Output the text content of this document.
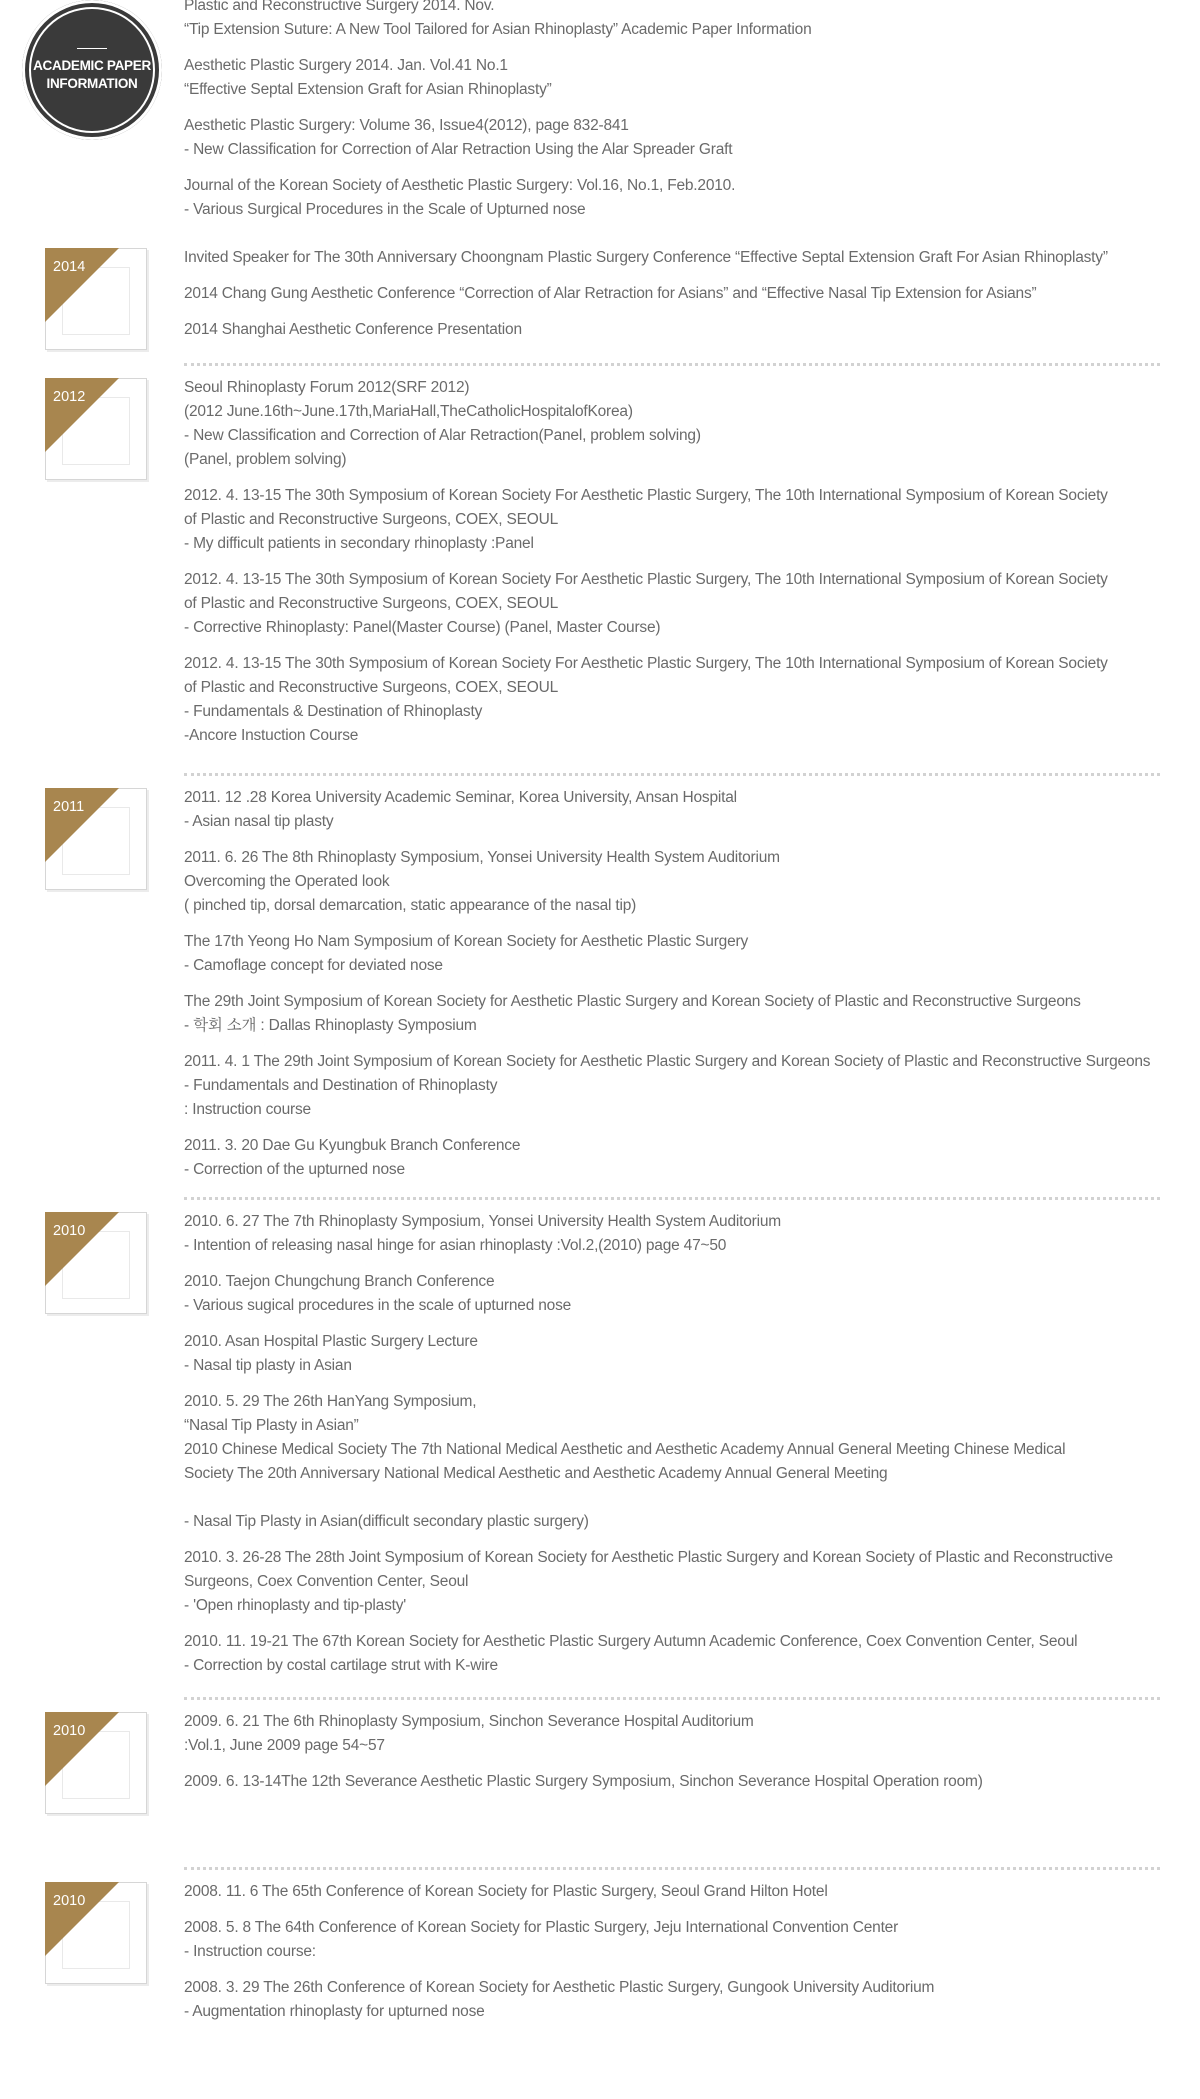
ACADEMIC PAPER
INFORMATION
Plastic and Reconstructive Surgery 2014. Nov.
“Tip Extension Suture: A New Tool Tailored for Asian Rhinoplasty” Academic Paper Information
Aesthetic Plastic Surgery 2014. Jan. Vol.41 No.1
“Effective Septal Extension Graft for Asian Rhinoplasty”
Aesthetic Plastic Surgery: Volume 36, Issue4(2012), page 832-841
- New Classification for Correction of Alar Retraction Using the Alar Spreader Graft
Journal of the Korean Society of Aesthetic Plastic Surgery: Vol.16, No.1, Feb.2010.
- Various Surgical Procedures in the Scale of Upturned nose
2014
Invited Speaker for The 30th Anniversary Choongnam Plastic Surgery Conference “Effective Septal Extension Graft For Asian Rhinoplasty”
2014 Chang Gung Aesthetic Conference “Correction of Alar Retraction for Asians” and “Effective Nasal Tip Extension for Asians”
2014 Shanghai Aesthetic Conference Presentation
2012
Seoul Rhinoplasty Forum 2012(SRF 2012)
(2012 June.16th~June.17th,MariaHall,TheCatholicHospitalofKorea)
- New Classification and Correction of Alar Retraction(Panel, problem solving)
(Panel, problem solving)
2012. 4. 13-15 The 30th Symposium of Korean Society For Aesthetic Plastic Surgery, The 10th International Symposium of Korean Society
of Plastic and Reconstructive Surgeons, COEX, SEOUL
- My difficult patients in secondary rhinoplasty :Panel
2012. 4. 13-15 The 30th Symposium of Korean Society For Aesthetic Plastic Surgery, The 10th International Symposium of Korean Society
of Plastic and Reconstructive Surgeons, COEX, SEOUL
- Corrective Rhinoplasty: Panel(Master Course) (Panel, Master Course)
2012. 4. 13-15 The 30th Symposium of Korean Society For Aesthetic Plastic Surgery, The 10th International Symposium of Korean Society
of Plastic and Reconstructive Surgeons, COEX, SEOUL
- Fundamentals & Destination of Rhinoplasty
-Ancore Instuction Course
2011
2011. 12 .28 Korea University Academic Seminar, Korea University, Ansan Hospital
- Asian nasal tip plasty
2011. 6. 26 The 8th Rhinoplasty Symposium, Yonsei University Health System Auditorium
Overcoming the Operated look
( pinched tip, dorsal demarcation, static appearance of the nasal tip)
The 17th Yeong Ho Nam Symposium of Korean Society for Aesthetic Plastic Surgery
- Camoflage concept for deviated nose
The 29th Joint Symposium of Korean Society for Aesthetic Plastic Surgery and Korean Society of Plastic and Reconstructive Surgeons
- 학회 소개 : Dallas Rhinoplasty Symposium
2011. 4. 1 The 29th Joint Symposium of Korean Society for Aesthetic Plastic Surgery and Korean Society of Plastic and Reconstructive Surgeons
- Fundamentals and Destination of Rhinoplasty
: Instruction course
2011. 3. 20 Dae Gu Kyungbuk Branch Conference
- Correction of the upturned nose
2010
2010. 6. 27 The 7th Rhinoplasty Symposium, Yonsei University Health System Auditorium
- Intention of releasing nasal hinge for asian rhinoplasty :Vol.2,(2010) page 47~50
2010. Taejon Chungchung Branch Conference
- Various sugical procedures in the scale of upturned nose
2010. Asan Hospital Plastic Surgery Lecture
- Nasal tip plasty in Asian
2010. 5. 29 The 26th HanYang Symposium,
“Nasal Tip Plasty in Asian”
2010 Chinese Medical Society The 7th National Medical Aesthetic and Aesthetic Academy Annual General Meeting Chinese Medical
Society The 20th Anniversary National Medical Aesthetic and Aesthetic Academy Annual General Meeting
- Nasal Tip Plasty in Asian(difficult secondary plastic surgery)
2010. 3. 26-28 The 28th Joint Symposium of Korean Society for Aesthetic Plastic Surgery and Korean Society of Plastic and Reconstructive
Surgeons, Coex Convention Center, Seoul
- 'Open rhinoplasty and tip-plasty'
2010. 11. 19-21 The 67th Korean Society for Aesthetic Plastic Surgery Autumn Academic Conference, Coex Convention Center, Seoul
- Correction by costal cartilage strut with K-wire
2010
2009. 6. 21 The 6th Rhinoplasty Symposium, Sinchon Severance Hospital Auditorium
:Vol.1, June 2009 page 54~57
2009. 6. 13-14The 12th Severance Aesthetic Plastic Surgery Symposium, Sinchon Severance Hospital Operation room)
2010
2008. 11. 6 The 65th Conference of Korean Society for Plastic Surgery, Seoul Grand Hilton Hotel
2008. 5. 8 The 64th Conference of Korean Society for Plastic Surgery, Jeju International Convention Center
- Instruction course:
2008. 3. 29 The 26th Conference of Korean Society for Aesthetic Plastic Surgery, Gungook University Auditorium
- Augmentation rhinoplasty for upturned nose
